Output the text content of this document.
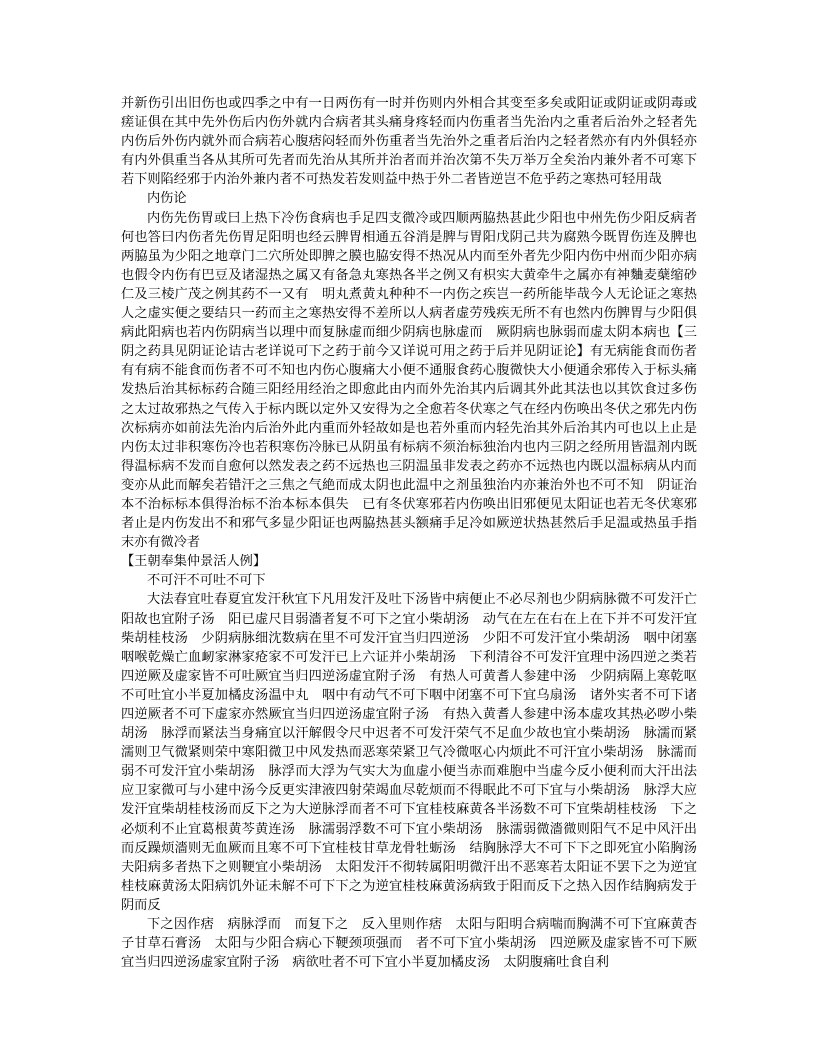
并新伤引出旧伤也或四季之中有一日两伤有一时并伤则内外相合其变至多矣或阳证或阴证或阴毒或瘥证俱在其中先外伤后内伤外就内合病者其头痛身疼轻而内伤重者当先治内之重者后治外之轻者先内伤后外伤内就外而合病若心腹痞闷轻而外伤重者当先治外之重者后治内之轻者然亦有内外俱轻亦有内外俱重当各从其所可先者而先治从其所并治者而并治次第不失万举万全矣治内兼外者不可寒下若下则陷经邪于内治外兼内者不可热发若发则益中热于外二者皆逆岂不危乎药之寒热可轻用哉

内伤论

内伤先伤胃或曰上热下冷伤食病也手足四支微冷或四顺两脇热甚此少阳也中州先伤少阳反病者何也答曰内伤者先伤胃足阳明也经云脾胃相通五谷消是脾与胃阳戊阴己共为腐熟今既胃伤连及脾也两脇虽为少阳之地章门二穴所处即脾之膜也脇安得不热况从内而至外者先少阳内伤中州而少阳亦病也假令内伤有巴豆及诸湿热之属又有备急丸寒热各半之例又有枳实大黄牵牛之属亦有神麯麦蘖缩砂仁及三棱广茂之例其药不一又有　明丸煮黄丸种种不一内伤之疾岂一药所能毕哉今人无论证之寒热人之虚实便之要结只一药而主之寒热安得不差所以人病者虚劳残疾无所不有也然内伤脾胃与少阳俱病此阳病也若内伤阴病当以理中而复脉虚而细少阴病也脉虚而　厥阴病也脉弱而虚太阴本病也【三阴之药具见阴证论诘古老详说可下之药于前今又详说可用之药于后并见阴证论】有无病能食而伤者有有病不能食而伤者不可不知也内伤心腹痛大小便不通服食药心腹微快大小便通余邪传入于标头痛发热后治其标标药合随三阳经用经治之即愈此由内而外先治其内后调其外此其法也以其饮食过多伤之太过故邪热之气传入于标内既以定外又安得为之全愈若冬伏寒之气在经内伤唤出冬伏之邪先内伤次标病亦如前法先治内后治外此内重而外轻故如是也若外重而内轻先治其外后治其内可也以上止是内伤太过非积寒伤冷也若积寒伤冷脉已从阴虽有标病不须治标独治内也内三阴之经所用皆温剂内既得温标病不发而自愈何以然发表之药不远热也三阴温虽非发表之药亦不远热也内既以温标病从内而变亦从此而解矣若错汗之三焦之气絶而成太阴也此温中之剂虽独治内亦兼治外也不可不知　阴证治本不治标标本俱得治标不治本标本俱失　已有冬伏寒邪若内伤唤出旧邪便见太阳证也若无冬伏寒邪者止是内伤发出不和邪气多显少阳证也两脇热甚头额痛手足冷如厥逆状热甚然后手足温或热虽手指末亦有微冷者

【王朝奉集仲景活人例】

不可汗不可吐不可下

大法春宜吐春夏宜发汗秋宜下凡用发汗及吐下汤皆中病便止不必尽剂也少阴病脉微不可发汗亡阳故也宜附子汤　阳已虚尺目弱濇者复不可下之宜小柴胡汤　动气在左在右在上在下并不可发汗宜柴胡桂枝汤　少阴病脉细沈数病在里不可发汗宜当归四逆汤　少阳不可发汗宜小柴胡汤　咽中闭塞咽喉乾燥亡血衂家淋家疮家不可发汗已上六证并小柴胡汤　下利清谷不可发汗宜理中汤四逆之类若四逆厥及虚家皆不可吐厥宜当归四逆汤虚宜附子汤　有热人可黄耆人参建中汤　少阴病隔上寒乾呕不可吐宜小半夏加橘皮汤温中丸　咽中有动气不可下咽中闭塞不可下宜乌扇汤　诸外实者不可下诸四逆厥者不可下虚家亦然厥宜当归四逆汤虚宜附子汤　有热入黄耆人参建中汤本虚攻其热必哕小柴胡汤　脉浮而紧法当身痛宜以汗解假令尺中迟者不可发汗荣气不足血少故也宜小柴胡汤　脉濡而紧濡则卫气微紧则荣中寒阳微卫中风发热而恶寒荣紧卫气冷微呕心内烦此不可汗宜小柴胡汤　脉濡而弱不可发汗宜小柴胡汤　脉浮而大浮为气实大为血虚小便当赤而难胞中当虚今反小便利而大汗出法应卫家微可与小建中汤今反更实津液四射荣竭血尽乾烦而不得眠此不可下宜与小柴胡汤　脉浮大应发汗宜柴胡桂枝汤而反下之为大逆脉浮而者不可下宜桂枝麻黄各半汤数不可下宜柴胡桂枝汤　下之必烦利不止宜葛根黄芩黄连汤　脉濡弱浮数不可下宜小柴胡汤　脉濡弱微濇微则阳气不足中风汗出而反躁烦濇则无血厥而且寒不可下宜桂枝甘草龙骨牡蛎汤　结胸脉浮大不可下下之即死宜小陷胸汤　夫阳病多者热下之则鞕宜小柴胡汤　太阳发汗不彻转属阳明微汗出不恶寒若太阳证不罢下之为逆宜桂枝麻黄汤太阳病饥外证未解不可下下之为逆宜桂枝麻黄汤病致于阳而反下之热入因作结胸病发于阴而反

下之因作痞　病脉浮而　而复下之　反入里则作痞　太阳与阳明合病喘而胸满不可下宜麻黄杏子甘草石膏汤　太阳与少阳合病心下鞕颈项强而　者不可下宜小柴胡汤　四逆厥及虚家皆不可下厥宜当归四逆汤虚家宜附子汤　病欲吐者不可下宜小半夏加橘皮汤　太阴腹痛吐食自利
